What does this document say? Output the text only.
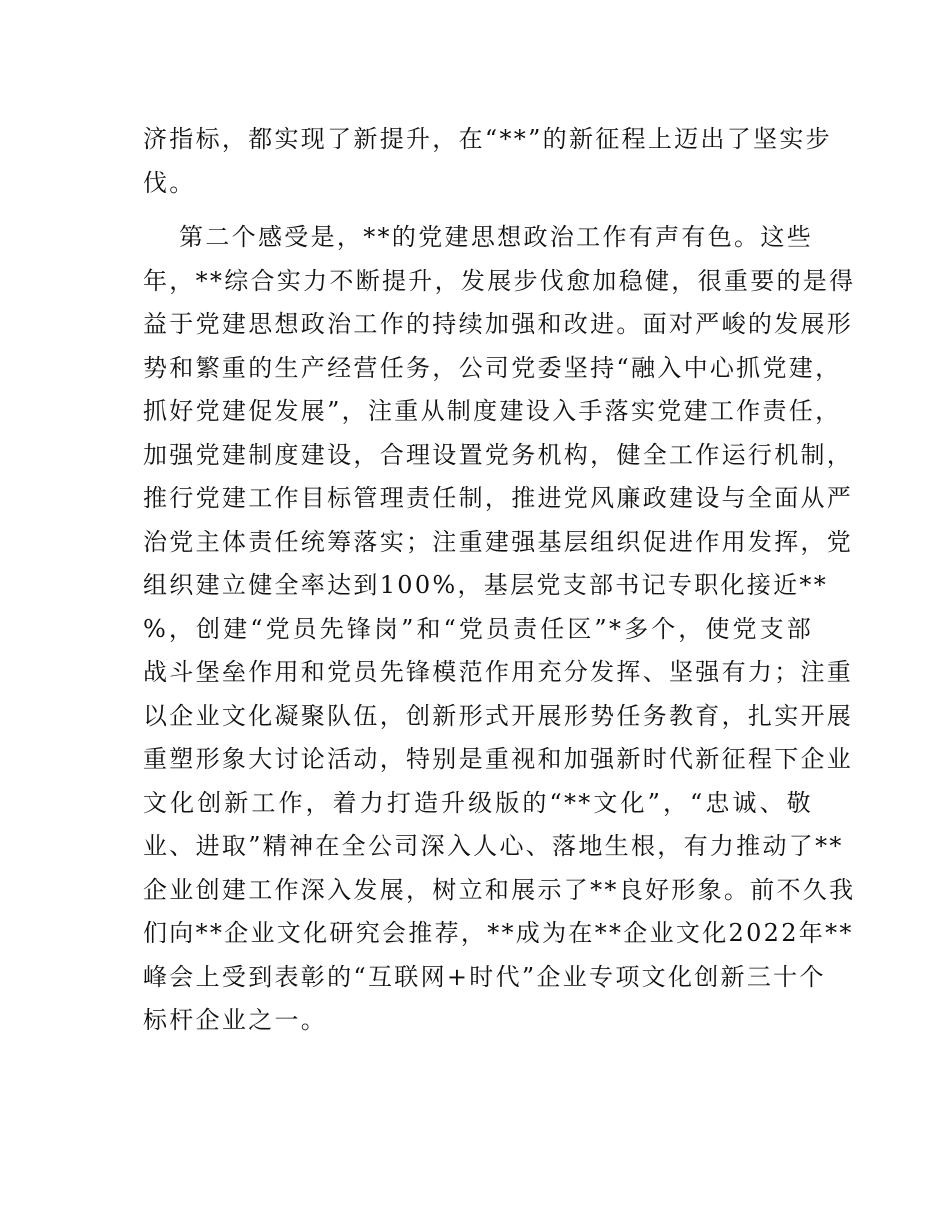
济指标，都实现了新提升，在“**”的新征程上迈出了坚实步
伐。
第二个感受是，**的党建思想政治工作有声有色。这些
年，**综合实力不断提升，发展步伐愈加稳健，很重要的是得
益于党建思想政治工作的持续加强和改进。面对严峻的发展形
势和繁重的生产经营任务，公司党委坚持“融入中心抓党建，
抓好党建促发展”，注重从制度建设入手落实党建工作责任，
加强党建制度建设，合理设置党务机构，健全工作运行机制，
推行党建工作目标管理责任制，推进党风廉政建设与全面从严
治党主体责任统筹落实；注重建强基层组织促进作用发挥，党
组织建立健全率达到100%，基层党支部书记专职化接近**
%，创建“党员先锋岗”和“党员责任区”*多个，使党支部
战斗堡垒作用和党员先锋模范作用充分发挥、坚强有力；注重
以企业文化凝聚队伍，创新形式开展形势任务教育，扎实开展
重塑形象大讨论活动，特别是重视和加强新时代新征程下企业
文化创新工作，着力打造升级版的“**文化”，“忠诚、敬
业、进取”精神在全公司深入人心、落地生根，有力推动了**
企业创建工作深入发展，树立和展示了**良好形象。前不久我
们向**企业文化研究会推荐，**成为在**企业文化2022年**
峰会上受到表彰的“互联网+时代”企业专项文化创新三十个
标杆企业之一。
